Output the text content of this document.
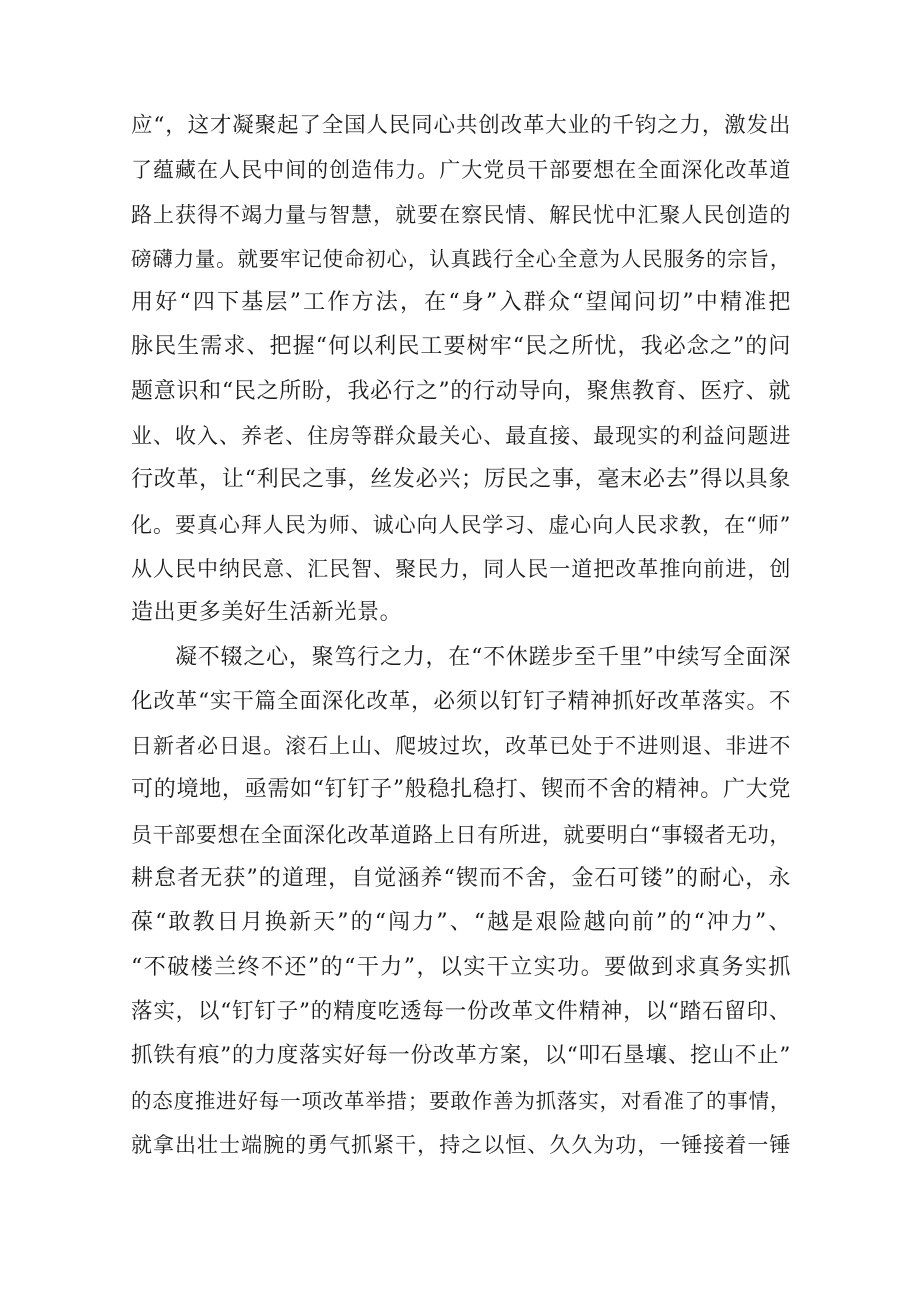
应“，这才凝聚起了全国人民同心共创改革大业的千钧之力，激发出
了蕴藏在人民中间的创造伟力。广大党员干部要想在全面深化改革道
路上获得不竭力量与智慧，就要在察民情、解民忧中汇聚人民创造的
磅礴力量。就要牢记使命初心，认真践行全心全意为人民服务的宗旨，
用好“四下基层”工作方法，在“身”入群众“望闻问切”中精准把
脉民生需求、把握“何以利民工要树牢“民之所忧，我必念之”的问
题意识和“民之所盼，我必行之”的行动导向，聚焦教育、医疗、就
业、收入、养老、住房等群众最关心、最直接、最现实的利益问题进
行改革，让“利民之事，丝发必兴；厉民之事，毫末必去”得以具象
化。要真心拜人民为师、诚心向人民学习、虚心向人民求教，在“师”
从人民中纳民意、汇民智、聚民力，同人民一道把改革推向前进，创
造出更多美好生活新光景。
凝不辍之心，聚笃行之力，在“不休蹉步至千里”中续写全面深
化改革“实干篇全面深化改革，必须以钉钉子精神抓好改革落实。不
日新者必日退。滚石上山、爬坡过坎，改革已处于不进则退、非进不
可的境地，亟需如“钉钉子”般稳扎稳打、锲而不舍的精神。广大党
员干部要想在全面深化改革道路上日有所进，就要明白“事辍者无功，
耕怠者无获”的道理，自觉涵养“锲而不舍，金石可镂”的耐心，永
葆“敢教日月换新天”的“闯力”、“越是艰险越向前”的“冲力”、
“不破楼兰终不还”的“干力”，以实干立实功。要做到求真务实抓
落实，以“钉钉子”的精度吃透每一份改革文件精神，以“踏石留印、
抓铁有痕”的力度落实好每一份改革方案，以“叩石垦壤、挖山不止”
的态度推进好每一项改革举措；要敢作善为抓落实，对看准了的事情，
就拿出壮士端腕的勇气抓紧干，持之以恒、久久为功，一锤接着一锤
